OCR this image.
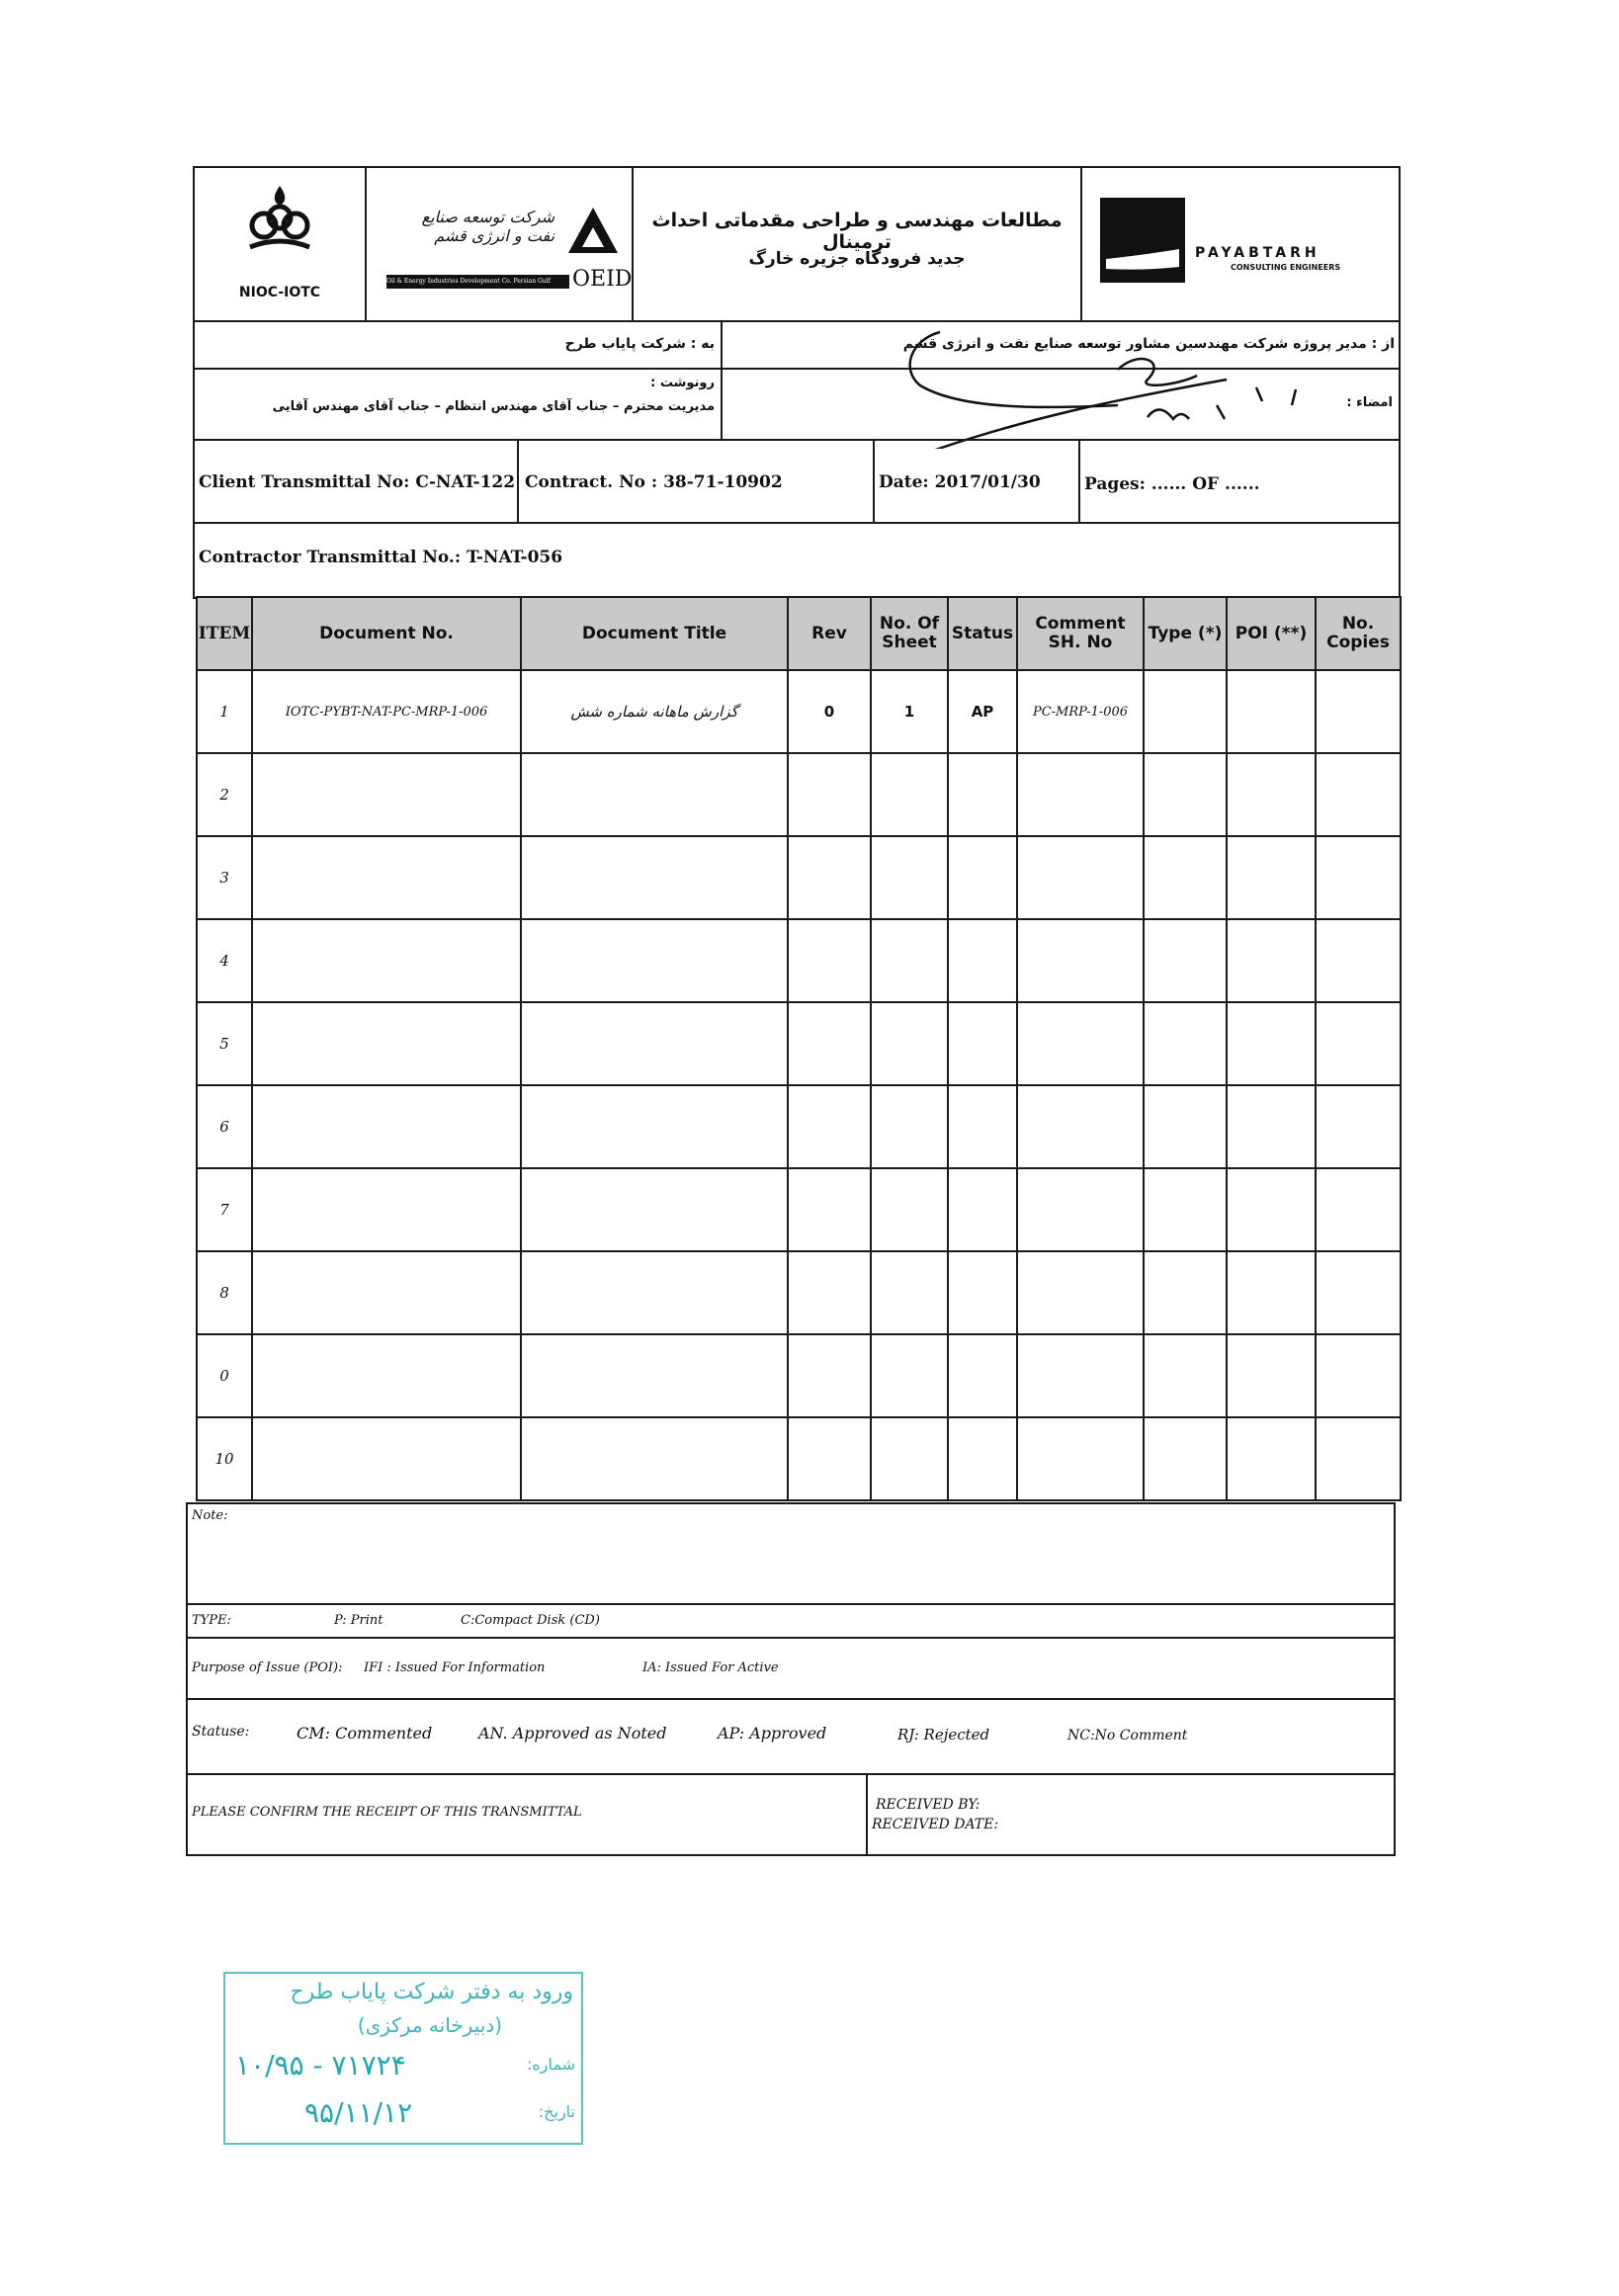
NIOC-IOTC
شرکت توسعه صنایع نفت و انرژی قشم
Oil & Energy Industries Development Co. Persian Gulf	OEID
مطالعات مهندسی و طراحی مقدماتی احداث ترمینال
جدید فرودگاه جزیره خارگ	PAYABTARH
CONSULTING ENGINEERS
به : شرکت پایاب طرح	از : مدیر پروژه شرکت مهندسین مشاور توسعه صنایع نفت و انرژی قشم
رونوشت :
مدیریت محترم – جناب آقای مهندس انتظام – جناب آقای مهندس آقایی	امضاء :
Client Transmittal No: C-NAT-122 Contract. No : 38-71-10902	Date: 2017/01/30	Pages: ...... OF ......
Contractor Transmittal No.: T-NAT-056
ITEM	Document No.	Document Title	Rev	No. Of Sheet	Status	Comment SH. No	Type (*)	POI (**)	No. Copies
1	IOTC-PYBT-NAT-PC-MRP-1-006	گزارش ماهانه شماره شش	0	1	AP	PC-MRP-1-006			
2									
3									
4									
5									
6									
7									
8									
0									
10									
Note:
TYPE:	P: Print	C:Compact Disk (CD)
Purpose of Issue (POI): IFI : Issued For Information	IA: Issued For Active
Statuse:	CM: Commented	AN. Approved as Noted	AP: Approved	RJ: Rejected	NC:No Comment
PLEASE CONFIRM THE RECEIPT OF THIS TRANSMITTAL	RECEIVED BY:
RECEIVED DATE:
ورود به دفتر شرکت پایاب طرح
(دبیرخانه مرکزی)
شماره:
۱۰/۹۵ - ۷۱۷۲۴
تاریخ:
۹۵/۱۱/۱۲
